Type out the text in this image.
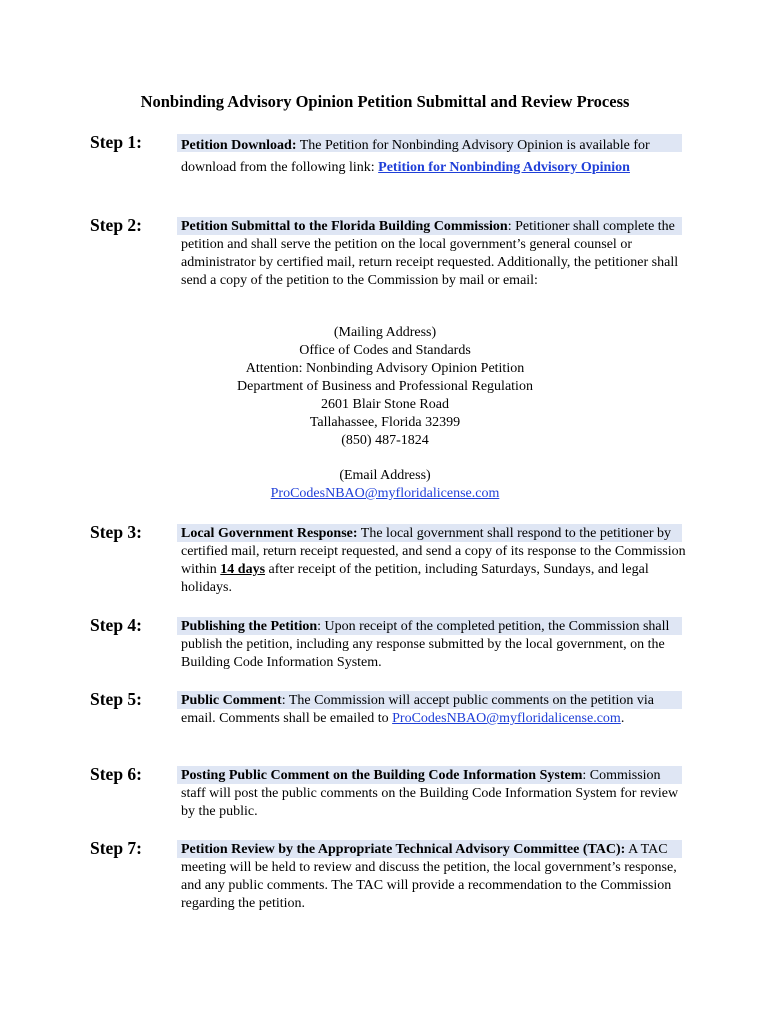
Nonbinding Advisory Opinion Petition Submittal and Review Process
Step 1:	Petition Download: The Petition for Nonbinding Advisory Opinion is available for download from the following link: Petition for Nonbinding Advisory Opinion

Step 2:	Petition Submittal to the Florida Building Commission: Petitioner shall complete the petition and shall serve the petition on the local government’s general counsel or administrator by certified mail, return receipt requested. Additionally, the petitioner shall send a copy of the petition to the Commission by mail or email:

(Mailing Address)
Office of Codes and Standards
Attention: Nonbinding Advisory Opinion Petition
Department of Business and Professional Regulation
2601 Blair Stone Road
Tallahassee, Florida 32399
(850) 487-1824
(Email Address)
ProCodesNBAO@myfloridalicense.com
Step 3:	Local Government Response: The local government shall respond to the petitioner by certified mail, return receipt requested, and send a copy of its response to the Commission within 14 days after receipt of the petition, including Saturdays, Sundays, and legal holidays.

Step 4:	Publishing the Petition: Upon receipt of the completed petition, the Commission shall publish the petition, including any response submitted by the local government, on the Building Code Information System.

Step 5:	Public Comment: The Commission will accept public comments on the petition via email. Comments shall be emailed to ProCodesNBAO@myfloridalicense.com.

Step 6:	Posting Public Comment on the Building Code Information System: Commission staff will post the public comments on the Building Code Information System for review by the public.

Step 7:	Petition Review by the Appropriate Technical Advisory Committee (TAC): A TAC meeting will be held to review and discuss the petition, the local government’s response, and any public comments. The TAC will provide a recommendation to the Commission regarding the petition.
